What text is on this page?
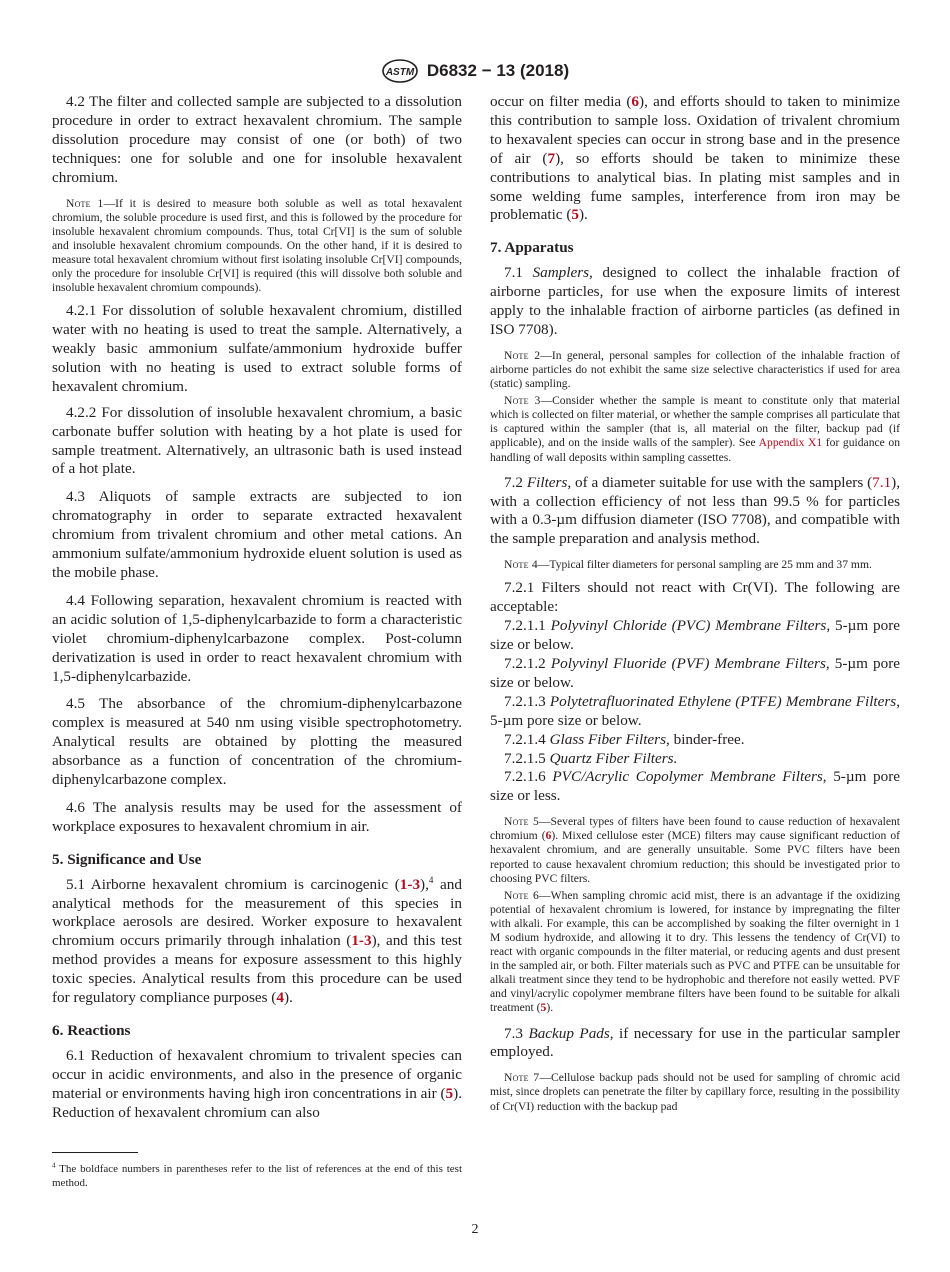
ASTM D6832 − 13 (2018)

4.2 The filter and collected sample are subjected to a dissolution procedure in order to extract hexavalent chromium. The sample dissolution procedure may consist of one (or both) of two techniques: one for soluble and one for insoluble hexavalent chromium.

Note 1—If it is desired to measure both soluble as well as total hexavalent chromium, the soluble procedure is used first, and this is followed by the procedure for insoluble hexavalent chromium compounds. Thus, total Cr[VI] is the sum of soluble and insoluble hexavalent chromium compounds. On the other hand, if it is desired to measure total hexavalent chromium without first isolating insoluble Cr[VI] compounds, only the procedure for insoluble Cr[VI] is required (this will dissolve both soluble and insoluble hexavalent chromium compounds).

4.2.1 For dissolution of soluble hexavalent chromium, distilled water with no heating is used to treat the sample. Alternatively, a weakly basic ammonium sulfate/ammonium hydroxide buffer solution with no heating is used to extract soluble forms of hexavalent chromium.

4.2.2 For dissolution of insoluble hexavalent chromium, a basic carbonate buffer solution with heating by a hot plate is used for sample treatment. Alternatively, an ultrasonic bath is used instead of a hot plate.

4.3 Aliquots of sample extracts are subjected to ion chromatography in order to separate extracted hexavalent chromium from trivalent chromium and other metal cations. An ammonium sulfate/ammonium hydroxide eluent solution is used as the mobile phase.

4.4 Following separation, hexavalent chromium is reacted with an acidic solution of 1,5-diphenylcarbazide to form a characteristic violet chromium-diphenylcarbazone complex. Post-column derivatization is used in order to react hexavalent chromium with 1,5-diphenylcarbazide.

4.5 The absorbance of the chromium-diphenylcarbazone complex is measured at 540 nm using visible spectrophotometry. Analytical results are obtained by plotting the measured absorbance as a function of concentration of the chromium-diphenylcarbazone complex.

4.6 The analysis results may be used for the assessment of workplace exposures to hexavalent chromium in air.

5. Significance and Use

5.1 Airborne hexavalent chromium is carcinogenic (1-3),$^4$ and analytical methods for the measurement of this species in workplace aerosols are desired. Worker exposure to hexavalent chromium occurs primarily through inhalation (1-3), and this test method provides a means for exposure assessment to this highly toxic species. Analytical results from this procedure can be used for regulatory compliance purposes (4).

6. Reactions

6.1 Reduction of hexavalent chromium to trivalent species can occur in acidic environments, and also in the presence of organic material or environments having high iron concentrations in air (5). Reduction of hexavalent chromium can also

occur on filter media (6), and efforts should to taken to minimize this contribution to sample loss. Oxidation of trivalent chromium to hexavalent species can occur in strong base and in the presence of air (7), so efforts should be taken to minimize these contributions to analytical bias. In plating mist samples and in some welding fume samples, interference from iron may be problematic (5).

7. Apparatus

7.1 Samplers, designed to collect the inhalable fraction of airborne particles, for use when the exposure limits of interest apply to the inhalable fraction of airborne particles (as defined in ISO 7708).

Note 2—In general, personal samples for collection of the inhalable fraction of airborne particles do not exhibit the same size selective characteristics if used for area (static) sampling.

Note 3—Consider whether the sample is meant to constitute only that material which is collected on filter material, or whether the sample comprises all particulate that is captured within the sampler (that is, all material on the filter, backup pad (if applicable), and on the inside walls of the sampler). See Appendix X1 for guidance on handling of wall deposits within sampling cassettes.

7.2 Filters, of a diameter suitable for use with the samplers (7.1), with a collection efficiency of not less than 99.5 % for particles with a 0.3-µm diffusion diameter (ISO 7708), and compatible with the sample preparation and analysis method.

Note 4—Typical filter diameters for personal sampling are 25 mm and 37 mm.

7.2.1 Filters should not react with Cr(VI). The following are acceptable:

7.2.1.1 Polyvinyl Chloride (PVC) Membrane Filters, 5-µm pore size or below.

7.2.1.2 Polyvinyl Fluoride (PVF) Membrane Filters, 5-µm pore size or below.

7.2.1.3 Polytetrafluorinated Ethylene (PTFE) Membrane Filters, 5-µm pore size or below.

7.2.1.4 Glass Fiber Filters, binder-free.

7.2.1.5 Quartz Fiber Filters.

7.2.1.6 PVC/Acrylic Copolymer Membrane Filters, 5-µm pore size or less.

Note 5—Several types of filters have been found to cause reduction of hexavalent chromium (6). Mixed cellulose ester (MCE) filters may cause significant reduction of hexavalent chromium, and are generally unsuitable. Some PVC filters have been reported to cause hexavalent chromium reduction; this should be investigated prior to choosing PVC filters.

Note 6—When sampling chromic acid mist, there is an advantage if the oxidizing potential of hexavalent chromium is lowered, for instance by impregnating the filter with alkali. For example, this can be accomplished by soaking the filter overnight in 1 M sodium hydroxide, and allowing it to dry. This lessens the tendency of Cr(VI) to react with organic compounds in the filter material, or reducing agents and dust present in the sampled air, or both. Filter materials such as PVC and PTFE can be unsuitable for alkali treatment since they tend to be hydrophobic and therefore not easily wetted. PVF and vinyl/acrylic copolymer membrane filters have been found to be suitable for alkali treatment (5).

7.3 Backup Pads, if necessary for use in the particular sampler employed.

Note 7—Cellulose backup pads should not be used for sampling of chromic acid mist, since droplets can penetrate the filter by capillary force, resulting in the possibility of Cr(VI) reduction with the backup pad

$^4$ The boldface numbers in parentheses refer to the list of references at the end of this test method.

2
